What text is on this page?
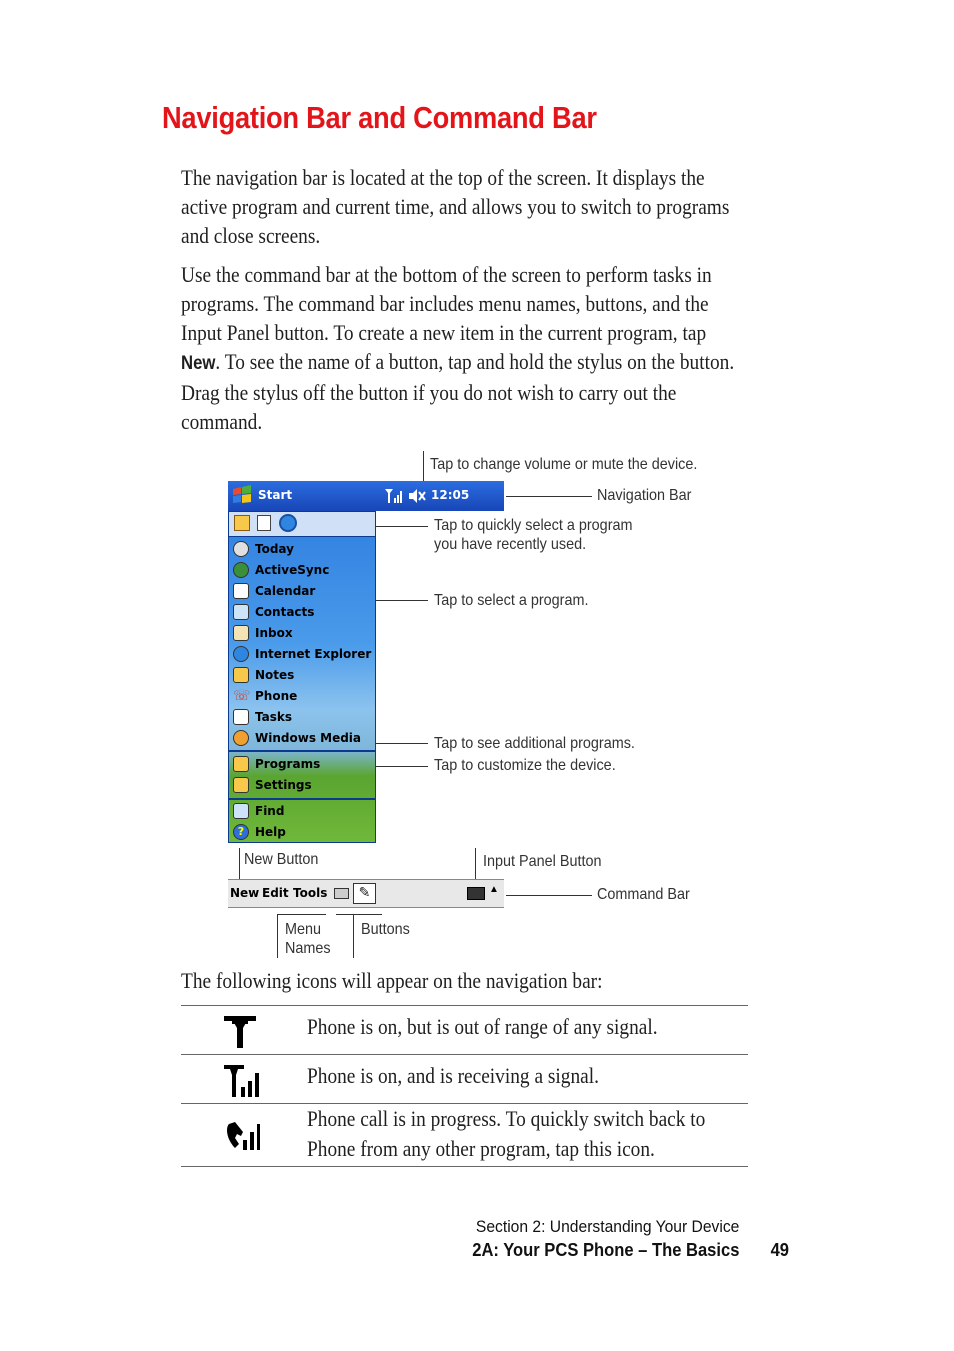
Navigation Bar and Command Bar

The navigation bar is located at the top of the screen. It displays the active program and current time, and allows you to switch to programs and close screens.

Use the command bar at the bottom of the screen to perform tasks in programs. The command bar includes menu names, buttons, and the Input Panel button. To create a new item in the current program, tap New. To see the name of a button, tap and hold the stylus on the button. Drag the stylus off the button if you do not wish to carry out the command.

Tap to change volume or mute the device.
Navigation Bar
Tap to quickly select a program
you have recently used.
Tap to select a program.
Tap to see additional programs.
Tap to customize the device.
New Button	Input Panel Button
Command Bar
Menu
Names
Buttons
Start	12:05
Today
ActiveSync
Calendar
Contacts
Inbox
Internet Explorer
Notes
☏ Phone
Tasks
Windows Media
Programs
Settings
Find
? Help
New Edit Tools	✎	▲

The following icons will appear on the navigation bar:

Phone is on, but is out of range of any signal.
Phone is on, and is receiving a signal.
Phone call is in progress. To quickly switch back to Phone from any other program, tap this icon.
Section 2: Understanding Your Device
2A: Your PCS Phone – The Basics 49
